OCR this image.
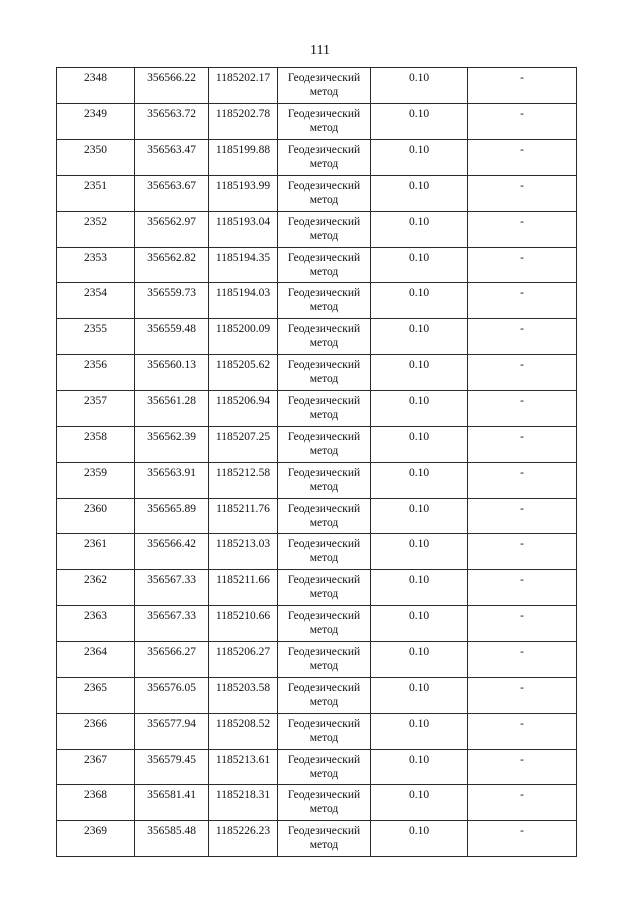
111
2348	356566.22	1185202.17	Геодезический метод	0.10	-

2349	356563.72	1185202.78	Геодезический метод	0.10	-

2350	356563.47	1185199.88	Геодезический метод	0.10	-

2351	356563.67	1185193.99	Геодезический метод	0.10	-

2352	356562.97	1185193.04	Геодезический метод	0.10	-

2353	356562.82	1185194.35	Геодезический метод	0.10	-

2354	356559.73	1185194.03	Геодезический метод	0.10	-

2355	356559.48	1185200.09	Геодезический метод	0.10	-

2356	356560.13	1185205.62	Геодезический метод	0.10	-

2357	356561.28	1185206.94	Геодезический метод	0.10	-

2358	356562.39	1185207.25	Геодезический метод	0.10	-

2359	356563.91	1185212.58	Геодезический метод	0.10	-

2360	356565.89	1185211.76	Геодезический метод	0.10	-

2361	356566.42	1185213.03	Геодезический метод	0.10	-

2362	356567.33	1185211.66	Геодезический метод	0.10	-

2363	356567.33	1185210.66	Геодезический метод	0.10	-

2364	356566.27	1185206.27	Геодезический метод	0.10	-

2365	356576.05	1185203.58	Геодезический метод	0.10	-

2366	356577.94	1185208.52	Геодезический метод	0.10	-

2367	356579.45	1185213.61	Геодезический метод	0.10	-

2368	356581.41	1185218.31	Геодезический метод	0.10	-

2369	356585.48	1185226.23	Геодезический метод	0.10	-
